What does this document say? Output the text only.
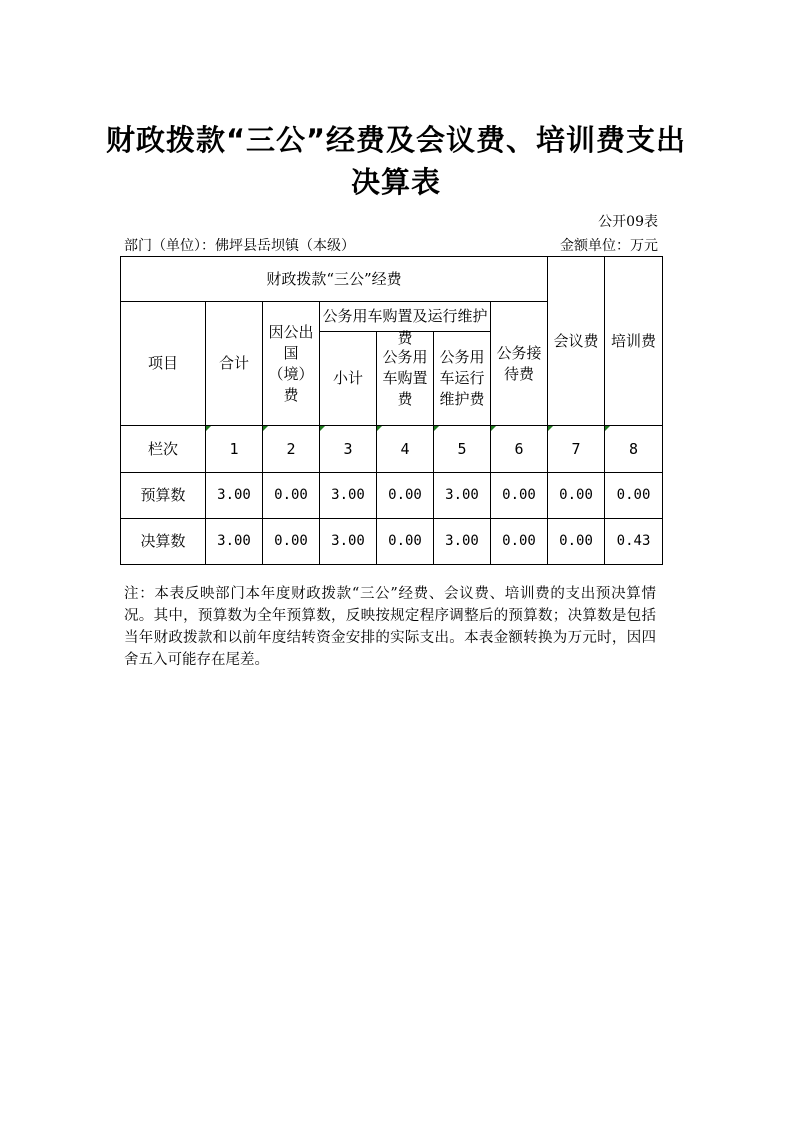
财政拨款“三公”经费及会议费、培训费支出
决算表
公开09表
部门（单位）：佛坪县岳坝镇（本级）	金额单位：万元
财政拨款“三公”经费							会议费	培训费
项目	合计	因公出国（境）费	公务用车购置及运行维护费			公务接待费		
			小计	公务用车购置费	公务用车运行维护费			
栏次	1	2	3	4	5	6	7	8
预算数	3.00	0.00	3.00	0.00	3.00	0.00	0.00	0.00
决算数	3.00	0.00	3.00	0.00	3.00	0.00	0.00	0.43
注：本表反映部门本年度财政拨款“三公”经费、会议费、培训费的支出预决算情况。其中，预算数为全年预算数，反映按规定程序调整后的预算数；决算数是包括当年财政拨款和以前年度结转资金安排的实际支出。本表金额转换为万元时，因四舍五入可能存在尾差。
